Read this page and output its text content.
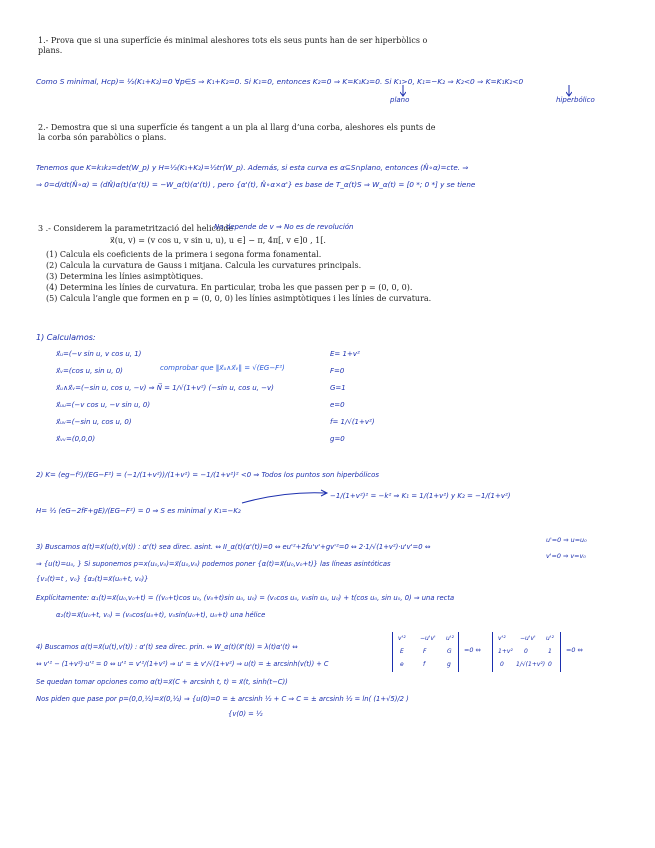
1.- Prova que si una superfície és minimal aleshores tots els seus punts han de ser hiperbòlics o
plans.
Como S minimal, Hcp)= ½(K₁+K₂)=0 ∀p∈S ⇒ K₁+K₂=0. Si K₁=0, entonces K₂=0 ⇒ K=K₁K₂=0. Si K₁>0, K₁=−K₂ ⇒ K₂<0 ⇒ K=K₁K₂<0
plano	hiperbólico
2.- Demostra que si una superfície és tangent a un pla al llarg d’una corba, aleshores els punts de
la corba són parabòlics o plans.
Tenemos que K=k₁k₂=det(W_p) y H=½(K₁+K₂)=½tr(W_p). Además, si esta curva es α⊆S∩plano, entonces (N̂∘α)=cte. ⇒
⇒ 0=d/dt(N̂∘α) = (dN̂)α(t)(α'(t)) = −W_α(t)(α'(t)) , pero {α'(t), N̂∘α×α'} es base de T_α(t)S ⇒ W_α(t) = [0 *; 0 *] y se tiene
3 .- Considerem la parametrització del helicoide
No depende de v ⇒ No es de revolución
x⃗(u, v) = (v cos u, v sin u, u), u ∈] − π, 4π[, v ∈]0 , 1[.
(1) Calcula els coeficients de la primera i segona forma fonamental.
(2) Calcula la curvatura de Gauss i mitjana. Calcula les curvatures principals.
(3) Determina les línies asimptòtiques.
(4) Determina les línies de curvatura. En particular, troba les que passen per p = (0, 0, 0).
(5) Calcula l’angle que formen en p = (0, 0, 0) les línies asimptòtiques i les línies de curvatura.
1) Calculamos:
x⃗ᵤ=(−v sin u, v cos u, 1)	E= 1+v²
x⃗ᵥ=(cos u, sin u, 0)	comprobar que ‖x⃗ᵤ∧x⃗ᵥ‖ = √(EG−F²)	F=0
x⃗ᵤ∧x⃗ᵥ=(−sin u, cos u, −v) ⇒ N⃗ = 1/√(1+v²) (−sin u, cos u, −v)	G=1
x⃗ᵤᵤ=(−v cos u, −v sin u, 0)	e=0
x⃗ᵤᵥ=(−sin u, cos u, 0)	f= 1/√(1+v²)
x⃗ᵥᵥ=(0,0,0)	g=0
2) K= (eg−f²)/(EG−F²) = (−1/(1+v²))/(1+v²) = −1/(1+v²)² <0 ⇒ Todos los puntos son hiperbólicos
−1/(1+v²)² = −k² ⇒ K₁ = 1/(1+v²) y K₂ = −1/(1+v²)
H= ½ (eG−2fF+gE)/(EG−F²) = 0 ⇒ S es minimal y K₁=−K₂
3) Buscamos α(t)=x⃗(u(t),v(t)) : α'(t) sea direc. asint. ⇔ II_α(t)(α'(t))=0 ⇔ eu'²+2fu'v'+gv'²=0 ⇔ 2·1/√(1+v²)·u'v'=0 ⇔
u'=0 ⇒ u=u₀
v'=0 ⇒ v=v₀
⇒ {u(t)=u₀, } Si suponemos p=x(u₀,v₀)=x⃗(u₀,v₀) podemos poner {α(t)=x⃗(u₀,v₀+t)} las líneas asintóticas
{v₁(t)=t , v₀} {α₂(t)=x⃗(u₀+t, v₀)}
Explícitamente: α₁(t)=x⃗(u₀,v₀+t) = ((v₀+t)cos u₀, (v₀+t)sin u₀, u₀) = (v₀cos u₀, v₀sin u₀, u₀) + t(cos u₀, sin u₀, 0) ⇒ una recta
α₂(t)=x⃗(u₀+t, v₀) = (v₀cos(u₀+t), v₀sin(u₀+t), u₀+t) una hélice
4) Buscamos α(t)=x⃗(u(t),v(t)) : α'(t) sea direc. prin. ⇔ W_α(t)(x⃗'(t)) = λ(t)α'(t) ⇔
v'² −u'v' u'²
E	F	G
e	f	g
=0 ⇔
v'² −u'v' u'²
1+v² 0	1
0 1/√(1+v²) 0
=0 ⇔
⇔ v'² − (1+v²)·u'² = 0 ⇔ u'² = v'²/(1+v²) ⇒ u' = ± v'/√(1+v²) ⇒ u(t) = ± arcsinh(v(t)) + C
Se quedan tomar opciones como α(t)=x⃗(C + arcsinh t, t) = x⃗(t, sinh(t−C))
Nos piden que pase por p=(0,0,½)=x⃗(0,½) ⇒ {u(0)=0 = ± arcsinh ½ + C ⇒ C = ± arcsinh ½ = ln( (1+√5)/2 )
{v(0) = ½
